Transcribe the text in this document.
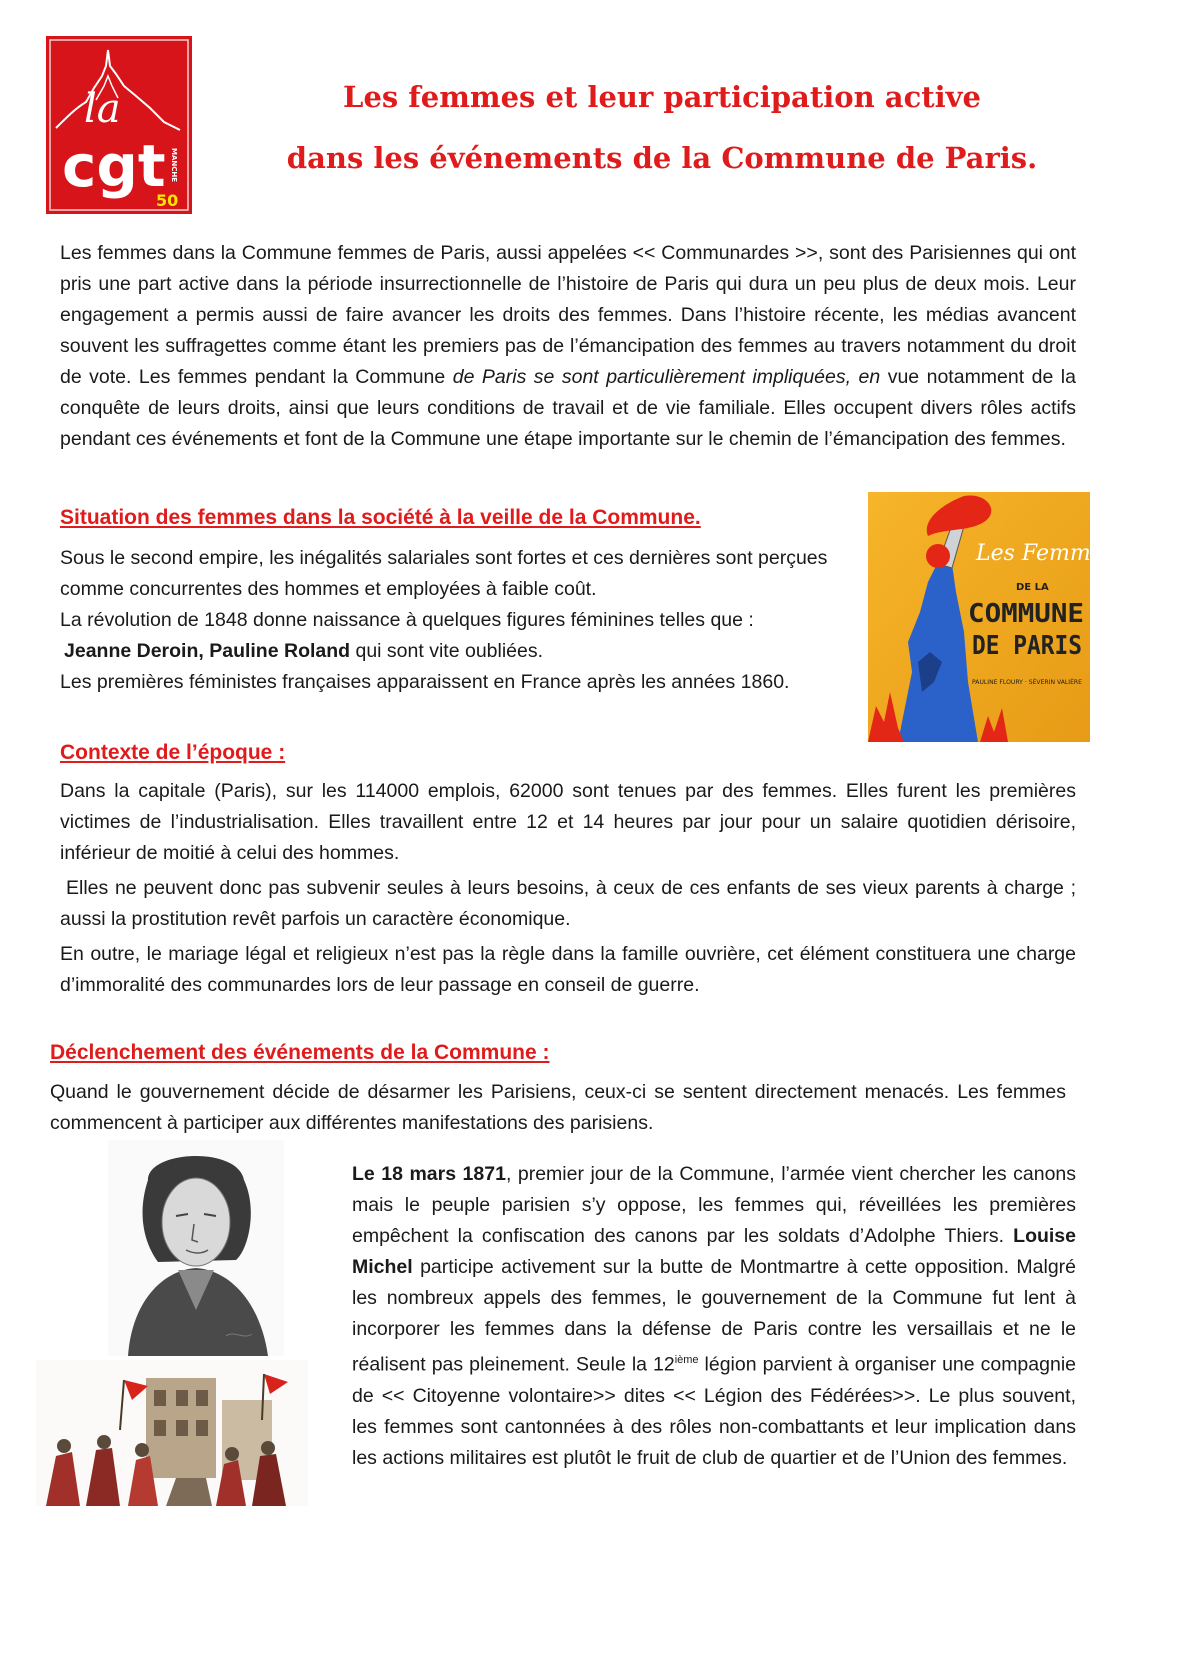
la
cgt MANCHE
50
Les femmes et leur participation active
dans les événements de la Commune de Paris.
Les femmes dans la Commune femmes de Paris, aussi appelées << Communardes >>, sont des Parisiennes qui ont pris une part active dans la période insurrectionnelle de l’histoire de Paris qui dura un peu plus de deux mois. Leur engagement a permis aussi de faire avancer les droits des femmes. Dans l’histoire récente, les médias avancent souvent les suffragettes comme étant les premiers pas de l’émancipation des femmes au travers notamment du droit de vote. Les femmes pendant la Commune de Paris se sont particulièrement impliquées, en vue notamment de la conquête de leurs droits, ainsi que leurs conditions de travail et de vie familiale. Elles occupent divers rôles actifs pendant ces événements et font de la Commune une étape importante sur le chemin de l’émancipation des femmes.
Situation des femmes dans la société à la veille de la Commune.
Sous le second empire, les inégalités salariales sont fortes et ces dernières sont perçues comme concurrentes des hommes et employées à faible coût.
La révolution de 1848 donne naissance à quelques figures féminines telles que :
Jeanne Deroin, Pauline Roland qui sont vite oubliées.
Les premières féministes françaises apparaissent en France après les années 1860.
Les Femmes
DE LA
COMMUNE
DE PARIS
PAULINE FLOURY · SÉVERIN VALIÈRE
Contexte de l’époque :
Dans la capitale (Paris), sur les 114000 emplois, 62000 sont tenues par des femmes. Elles furent les premières victimes de l’industrialisation. Elles travaillent entre 12 et 14 heures par jour pour un salaire quotidien dérisoire, inférieur de moitié à celui des hommes.
Elles ne peuvent donc pas subvenir seules à leurs besoins, à ceux de ces enfants de ses vieux parents à charge ; aussi la prostitution revêt parfois un caractère économique.
En outre, le mariage légal et religieux n’est pas la règle dans la famille ouvrière, cet élément constituera une charge d’immoralité des communardes lors de leur passage en conseil de guerre.
Déclenchement des événements de la Commune :
Quand le gouvernement décide de désarmer les Parisiens, ceux-ci se sentent directement menacés. Les femmes commencent à participer aux différentes manifestations des parisiens.
Le 18 mars 1871, premier jour de la Commune, l’armée vient chercher les canons mais le peuple parisien s’y oppose, les femmes qui, réveillées les premières empêchent la confiscation des canons par les soldats d’Adolphe Thiers. Louise Michel participe activement sur la butte de Montmartre à cette opposition. Malgré les nombreux appels des femmes, le gouvernement de la Commune fut lent à incorporer les femmes dans la défense de Paris contre les versaillais et ne le réalisent pas pleinement. Seule la 12ième légion parvient à organiser une compagnie de << Citoyenne volontaire>> dites << Légion des Fédérées>>. Le plus souvent, les femmes sont cantonnées à des rôles non-combattants et leur implication dans les actions militaires est plutôt le fruit de club de quartier et de l’Union des femmes.
